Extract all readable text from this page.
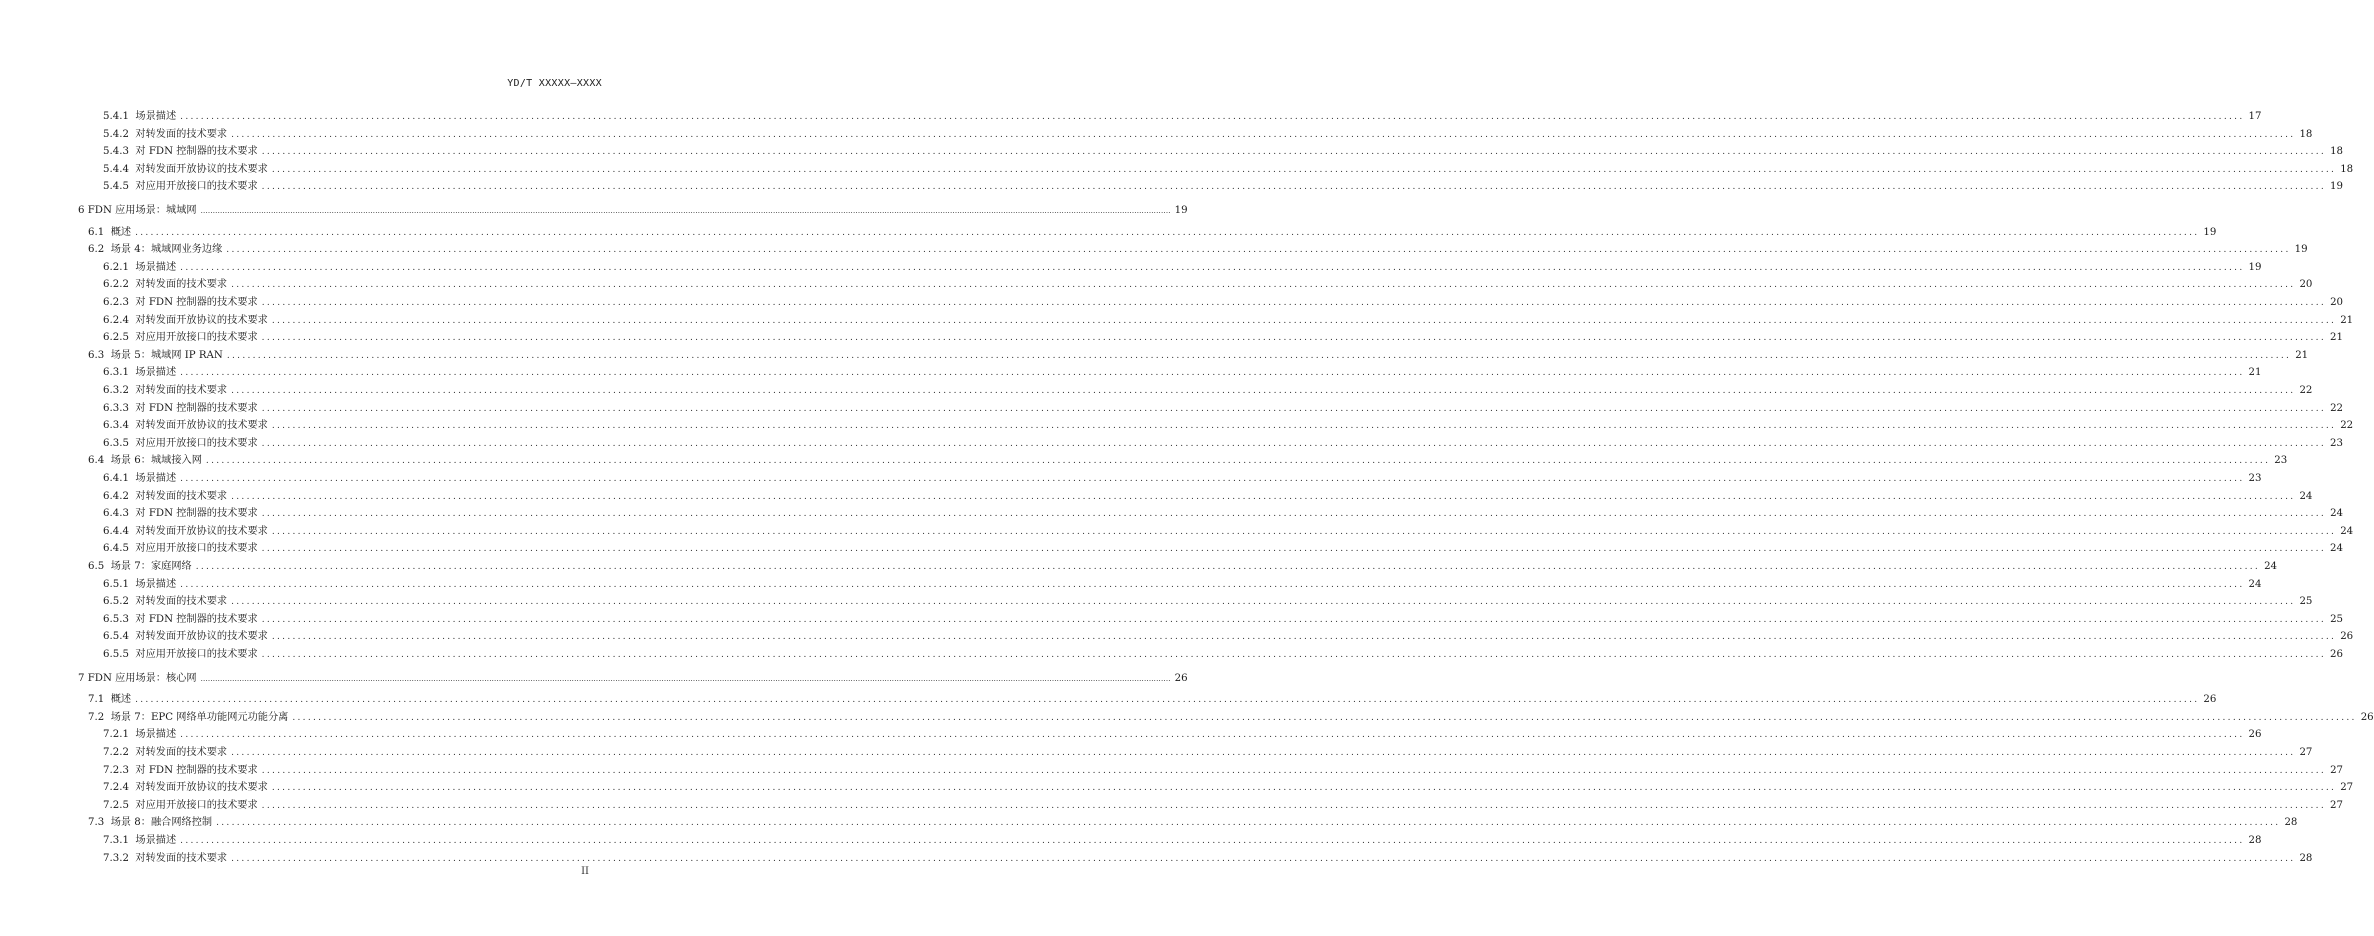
YD/T XXXXX—XXXX
5.4.1 场景描述 ................................................................................................................................................................................................................................................................................................................................................................................................................ 17
5.4.2 对转发面的技术要求 ................................................................................................................................................................................................................................................................................................................................................................................................................ 18
5.4.3 对 FDN 控制器的技术要求 ................................................................................................................................................................................................................................................................................................................................................................................................................ 18
5.4.4 对转发面开放协议的技术要求 ................................................................................................................................................................................................................................................................................................................................................................................................................ 18
5.4.5 对应用开放接口的技术要求 ................................................................................................................................................................................................................................................................................................................................................................................................................ 19
6 FDN 应用场景：城域网 ................................................................................................................................................................................................................................................................................................................................................................................................................ 19
6.1 概述 ................................................................................................................................................................................................................................................................................................................................................................................................................ 19
6.2 场景 4：城域网业务边缘 ................................................................................................................................................................................................................................................................................................................................................................................................................ 19
6.2.1 场景描述 ................................................................................................................................................................................................................................................................................................................................................................................................................ 19
6.2.2 对转发面的技术要求 ................................................................................................................................................................................................................................................................................................................................................................................................................ 20
6.2.3 对 FDN 控制器的技术要求 ................................................................................................................................................................................................................................................................................................................................................................................................................ 20
6.2.4 对转发面开放协议的技术要求 ................................................................................................................................................................................................................................................................................................................................................................................................................ 21
6.2.5 对应用开放接口的技术要求 ................................................................................................................................................................................................................................................................................................................................................................................................................ 21
6.3 场景 5：城域网 IP RAN ................................................................................................................................................................................................................................................................................................................................................................................................................ 21
6.3.1 场景描述 ................................................................................................................................................................................................................................................................................................................................................................................................................ 21
6.3.2 对转发面的技术要求 ................................................................................................................................................................................................................................................................................................................................................................................................................ 22
6.3.3 对 FDN 控制器的技术要求 ................................................................................................................................................................................................................................................................................................................................................................................................................ 22
6.3.4 对转发面开放协议的技术要求 ................................................................................................................................................................................................................................................................................................................................................................................................................ 22
6.3.5 对应用开放接口的技术要求 ................................................................................................................................................................................................................................................................................................................................................................................................................ 23
6.4 场景 6：城域接入网 ................................................................................................................................................................................................................................................................................................................................................................................................................ 23
6.4.1 场景描述 ................................................................................................................................................................................................................................................................................................................................................................................................................ 23
6.4.2 对转发面的技术要求 ................................................................................................................................................................................................................................................................................................................................................................................................................ 24
6.4.3 对 FDN 控制器的技术要求 ................................................................................................................................................................................................................................................................................................................................................................................................................ 24
6.4.4 对转发面开放协议的技术要求 ................................................................................................................................................................................................................................................................................................................................................................................................................ 24
6.4.5 对应用开放接口的技术要求 ................................................................................................................................................................................................................................................................................................................................................................................................................ 24
6.5 场景 7：家庭网络 ................................................................................................................................................................................................................................................................................................................................................................................................................ 24
6.5.1 场景描述 ................................................................................................................................................................................................................................................................................................................................................................................................................ 24
6.5.2 对转发面的技术要求 ................................................................................................................................................................................................................................................................................................................................................................................................................ 25
6.5.3 对 FDN 控制器的技术要求 ................................................................................................................................................................................................................................................................................................................................................................................................................ 25
6.5.4 对转发面开放协议的技术要求 ................................................................................................................................................................................................................................................................................................................................................................................................................ 26
6.5.5 对应用开放接口的技术要求 ................................................................................................................................................................................................................................................................................................................................................................................................................ 26
7 FDN 应用场景：核心网 ................................................................................................................................................................................................................................................................................................................................................................................................................ 26
7.1 概述 ................................................................................................................................................................................................................................................................................................................................................................................................................ 26
7.2 场景 7：EPC 网络单功能网元功能分离 ................................................................................................................................................................................................................................................................................................................................................................................................................ 26
7.2.1 场景描述 ................................................................................................................................................................................................................................................................................................................................................................................................................ 26
7.2.2 对转发面的技术要求 ................................................................................................................................................................................................................................................................................................................................................................................................................ 27
7.2.3 对 FDN 控制器的技术要求 ................................................................................................................................................................................................................................................................................................................................................................................................................ 27
7.2.4 对转发面开放协议的技术要求 ................................................................................................................................................................................................................................................................................................................................................................................................................ 27
7.2.5 对应用开放接口的技术要求 ................................................................................................................................................................................................................................................................................................................................................................................................................ 27
7.3 场景 8：融合网络控制 ................................................................................................................................................................................................................................................................................................................................................................................................................ 28
7.3.1 场景描述 ................................................................................................................................................................................................................................................................................................................................................................................................................ 28
7.3.2 对转发面的技术要求 ................................................................................................................................................................................................................................................................................................................................................................................................................ 28
II
